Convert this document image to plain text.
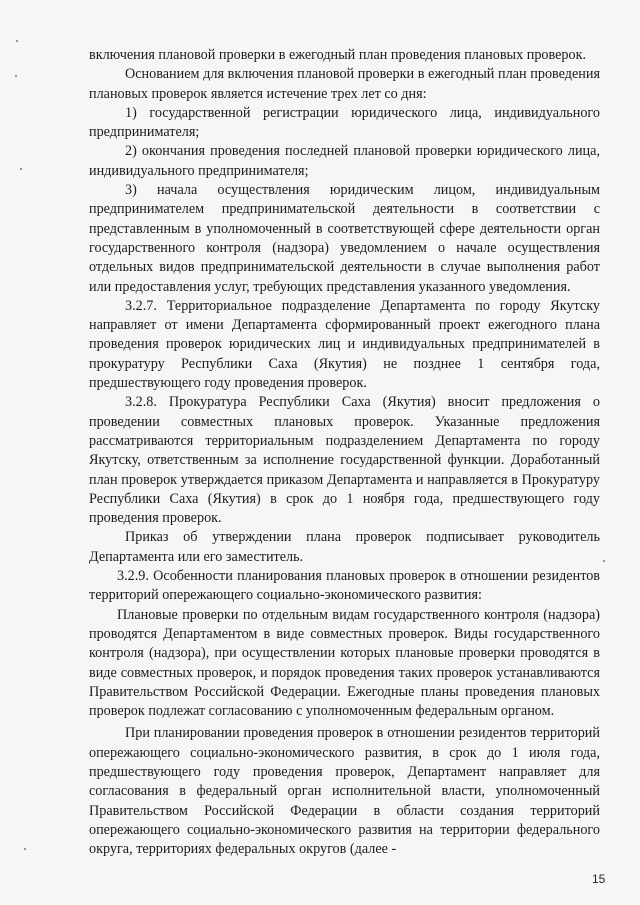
включения плановой проверки в ежегодный план проведения плановых проверок.

Основанием для включения плановой проверки в ежегодный план проведения плановых проверок является истечение трех лет со дня:

1) государственной регистрации юридического лица, индивидуального предпринимателя;

2) окончания проведения последней плановой проверки юридического лица, индивидуального предпринимателя;

3) начала осуществления юридическим лицом, индивидуальным предпринимателем предпринимательской деятельности в соответствии с представленным в уполномоченный в соответствующей сфере деятельности орган государственного контроля (надзора) уведомлением о начале осуществления отдельных видов предпринимательской деятельности в случае выполнения работ или предоставления услуг, требующих представления указанного уведомления.

3.2.7. Территориальное подразделение Департамента по городу Якутску направляет от имени Департамента сформированный проект ежегодного плана проведения проверок юридических лиц и индивидуальных предпринимателей в прокуратуру Республики Саха (Якутия) не позднее 1 сентября года, предшествующего году проведения проверок.

3.2.8. Прокуратура Республики Саха (Якутия) вносит предложения о проведении совместных плановых проверок. Указанные предложения рассматриваются территориальным подразделением Департамента по городу Якутску, ответственным за исполнение государственной функции. Доработанный план проверок утверждается приказом Департамента и направляется в Прокуратуру Республики Саха (Якутия) в срок до 1 ноября года, предшествующего году проведения проверок.

Приказ об утверждении плана проверок подписывает руководитель Департамента или его заместитель.

3.2.9. Особенности планирования плановых проверок в отношении резидентов территорий опережающего социально-экономического развития:

Плановые проверки по отдельным видам государственного контроля (надзора) проводятся Департаментом в виде совместных проверок. Виды государственного контроля (надзора), при осуществлении которых плановые проверки проводятся в виде совместных проверок, и порядок проведения таких проверок устанавливаются Правительством Российской Федерации. Ежегодные планы проведения плановых проверок подлежат согласованию с уполномоченным федеральным органом.

При планировании проведения проверок в отношении резидентов территорий опережающего социально-экономического развития, в срок до 1 июля года, предшествующего году проведения проверок, Департамент направляет для согласования в федеральный орган исполнительной власти, уполномоченный Правительством Российской Федерации в области создания территорий опережающего социально-экономического развития на территории федерального округа, территориях федеральных округов (далее -

15
